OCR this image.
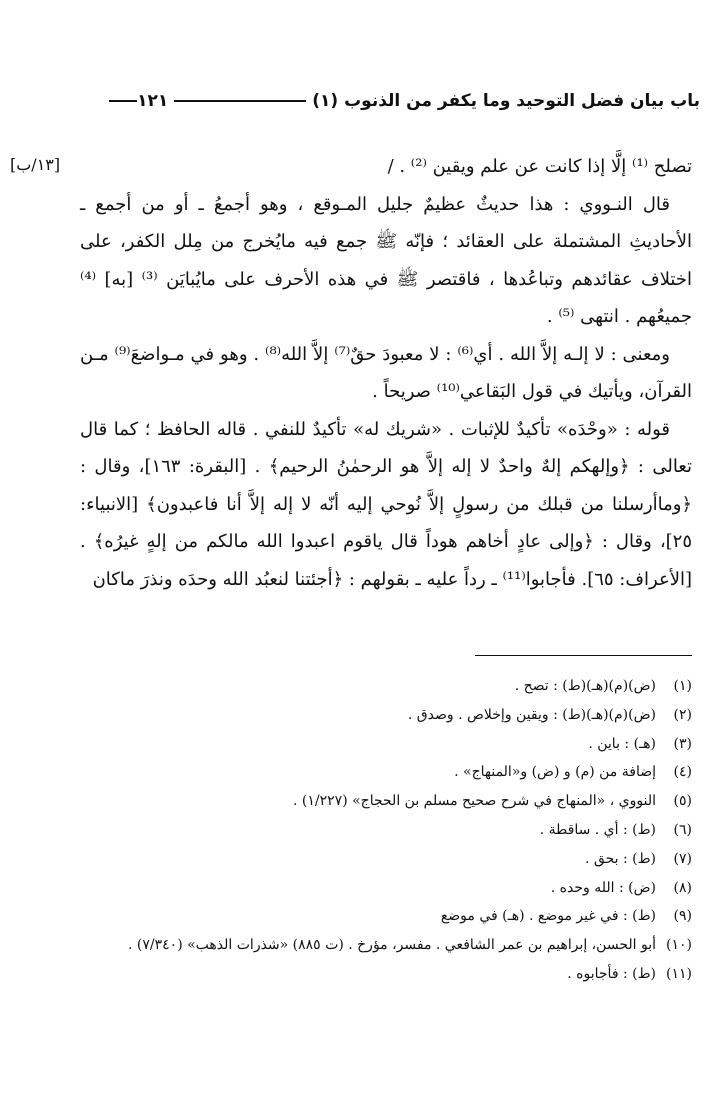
باب بيان فضل التوحيد وما يكفر من الذنوب (١)
١٢١
[١٣/ب]	تصلح ⁽¹⁾ إلَّا إذا كانت عن علم ويقين ⁽²⁾ . /

قال النـووي : هذا حديثٌ عظيمٌ جليل المـوقع ، وهو أجمعُ ـ أو من أجمع ـ الأحاديثِ المشتملة على العقائد ؛ فإنّه ﷺ جمع فيه مايُخرج من مِلل الكفر، على اختلاف عقائدهم وتباعُدها ، فاقتصر ﷺ في هذه الأحرف على مايُبايَن ⁽³⁾ [به] ⁽⁴⁾ جميعُهم . انتهى ⁽⁵⁾ .

ومعنى : لا إلـه إلاَّ الله . أي⁽⁶⁾ : لا معبودَ حقٌ⁽⁷⁾ إلاَّ الله⁽⁸⁾ . وهو في مـواضعَ⁽⁹⁾ مـن القرآن، ويأتيك في قول البَقاعي⁽¹⁰⁾ صريحاً .

قوله : «وحْدَه» تأكيدٌ للإثبات . «شريك له» تأكيدٌ للنفي . قاله الحافظ ؛ كما قال تعالى : ﴿وإلهكم إلهٌ واحدٌ لا إله إلاَّ هو الرحمٰنُ الرحيم﴾ . [البقرة: ١٦٣]، وقال : ﴿وماأرسلنا من قبلك من رسولٍ إلاَّ نُوحي إليه أنّه لا إله إلاَّ أنا فاعبدون﴾ [الانبياء: ٢٥]، وقال : ﴿وإلى عادٍ أخاهم هوداً قال ياقوم اعبدوا الله مالكم من إلهٍ غيرُه﴾ . [الأعراف: ٦٥]. فأجابوا⁽¹¹⁾ ـ رداً عليه ـ بقولهم : ﴿أجئتنا لنعبُد الله وحدَه ونذرَ ماكان

(١)
(ض)(م)(هـ)(ط) : تصح .
(٢)
(ض)(م)(هـ)(ط) : ويقين وإخلاص . وصدق .
(٣)
(هـ) : باين .
(٤)
إضافة من (م) و (ض) و«المنهاج» .
(٥)
النووي ، «المنهاج في شرح صحيح مسلم بن الحجاج» (١/٢٢٧) .
(٦)
(ط) : أي . ساقطة .
(٧)
(ط) : بحق .
(٨)
(ض) : الله وحده .
(٩)
(ط) : في غير موضع . (هـ) في موضع
(١٠)
أبو الحسن، إبراهيم بن عمر الشافعي . مفسر، مؤرخ . (ت ٨٨٥) «شذرات الذهب» (٧/٣٤٠) .
(١١)
(ط) : فأجابوه .
